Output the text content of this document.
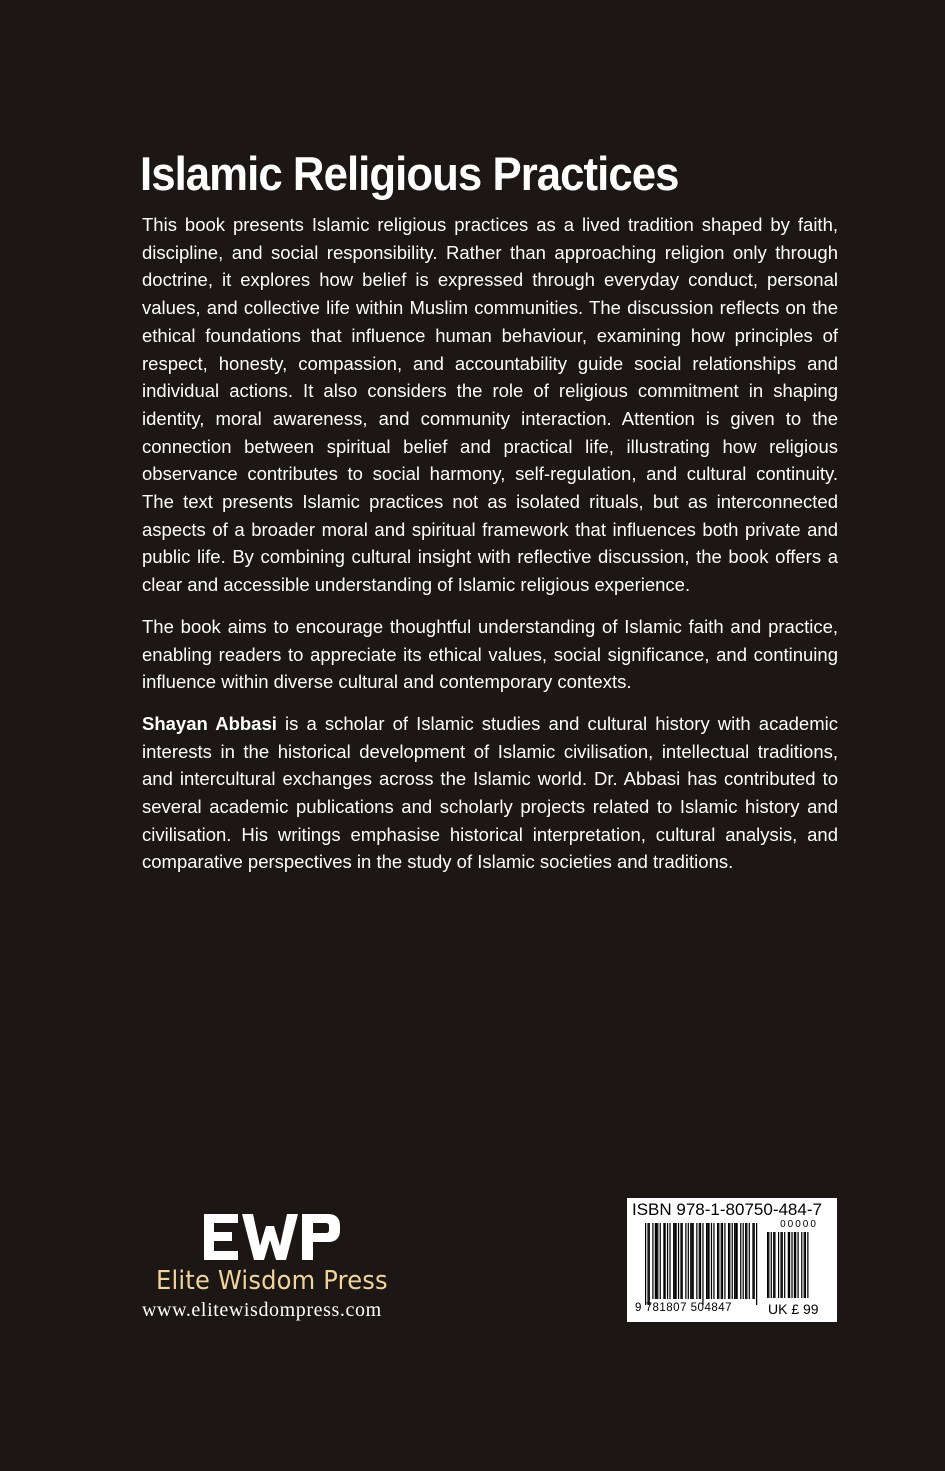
Islamic Religious Practices

This book presents Islamic religious practices as a lived tradition shaped by faith, discipline, and social responsibility. Rather than approaching religion only through doctrine, it explores how belief is expressed through everyday conduct, personal values, and collective life within Muslim communities. The discussion reflects on the ethical foundations that influence human behaviour, examining how principles of respect, honesty, compassion, and accountability guide social relationships and individual actions. It also considers the role of religious commitment in shaping identity, moral awareness, and community interaction. Attention is given to the connection between spiritual belief and practical life, illustrating how religious observance contributes to social harmony, self-regulation, and cultural continuity. The text presents Islamic practices not as isolated rituals, but as interconnected aspects of a broader moral and spiritual framework that influences both private and public life. By combining cultural insight with reflective discussion, the book offers a clear and accessible understanding of Islamic religious experience.

The book aims to encourage thoughtful understanding of Islamic faith and practice, enabling readers to appreciate its ethical values, social significance, and continuing influence within diverse cultural and contemporary contexts.

Shayan Abbasi is a scholar of Islamic studies and cultural history with academic interests in the historical development of Islamic civilisation, intellectual traditions, and intercultural exchanges across the Islamic world. Dr. Abbasi has contributed to several academic publications and scholarly projects related to Islamic history and civilisation. His writings emphasise historical interpretation, cultural analysis, and comparative perspectives in the study of Islamic societies and traditions.

Elite Wisdom Press
www.elitewisdompress.com
ISBN 978-1-80750-484-7
00000
9 781807 504847	UK £ 99
